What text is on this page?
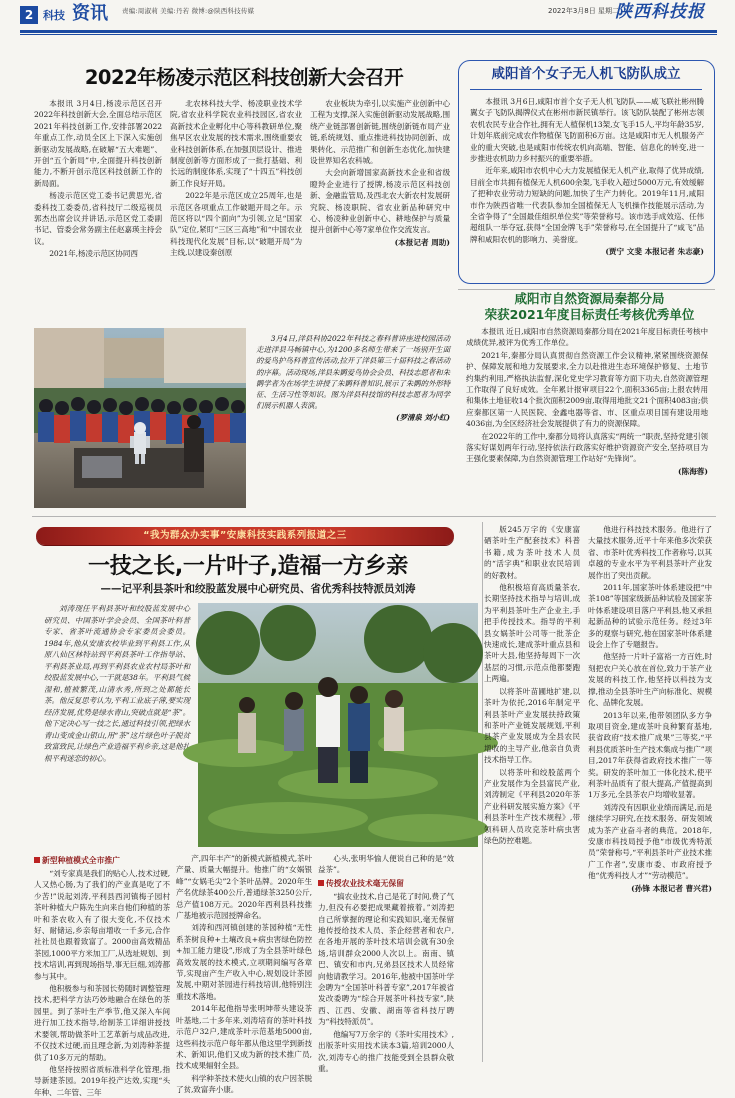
2 科技 资讯 责编:周淑莉 美编:丹若 微博:@陕西科技传媒	2022年3月8日 星期二
陕西科技报
2022年杨凌示范区科技创新大会召开

本报讯 3月4日,杨凌示范区召开2022年科技创新大会,全面总结示范区2021年科技创新工作,安排部署2022年重点工作,动员全区上下深入实施创新驱动发展战略,在破解“五大难题”、开创“五个新局”中,全面提升科技创新能力,不断开创示范区科技创新工作的新局面。

杨凌示范区党工委书记黄思光,省委科技工委委员,省科技厅二级巡视员郭杰出席会议并讲话,示范区党工委副书记、管委会常务副主任赵嘉瑛主持会议。

2021年,杨凌示范区协同西

北农林科技大学、杨凌职业技术学院,省农业科学院农业科技园区,省农业高新技术企业孵化中心等科教研单位,聚焦早区农业发展的技术需求,围绕重要农业科技创新体系,在加强顶层设计、推进制度创新等方面形成了一批打基础、利长远的制度体系,实现了“十四五”科技创新工作良好开局。

2022年是示范区成立25周年,也是示范区各项重点工作破题开局之年。示范区将以“四个面向”为引领,立足“国家队”定位,紧盯“三区三高地”和“中国农业科技现代化发展”目标,以“破题开局”为主线,以建设秦创原

农业板块为牵引,以实施产业创新中心工程为支撑,深入实施创新驱动发展战略,围绕产业链部署创新链,围绕创新链布局产业链,系统规划、重点推进科技协同创新、成果转化、示范推广和创新生态优化,加快建设世界知名农科城。

大会向新增国家高新技术企业和省级瞪羚企业进行了授牌,杨凌示范区科技创新、金融监管局,及西北农大新农村发展研究院、杨凌职院、省农业新品种研究中心、杨凌种业创新中心、耕地保护与质量提升创新中心等7家单位作交流发言。

(本报记者 周助)

咸阳首个女子无人机飞防队成立

本报讯 3月6日,咸阳市首个女子无人机飞防队——咸飞联社彬州腾翼女子飞防队揭牌仪式在彬州市新民镇举行。该飞防队装配了彬州志领农机农民专业合作社,拥有无人植保机13架,女飞手15人,平均年龄35岁,计划年底前完成农作物植保飞防面积6万亩。这是咸阳市无人机服务产业的重大突破,也是咸阳市传统农机向高端、智能、信息化的转变,进一步推进农机助力乡村振兴的重要举措。

近年来,咸阳市农机中心大力发展植保无人机产业,取得了优异成绩,目前全市共拥有植保无人机600余架,飞手收入超过5000万元,有效缓解了把种农业劳动力短缺的问题,加快了生产力转化。2019年11月,咸阳市作为陕西省唯一代表队参加全国植保无人飞机操作技能展示活动,为全省争得了“全国最佳组织单位奖”等荣誉称号。该市选手成效巡、任伟超组队一举夺冠,获得“全国金牌飞手”荣誉称号,在全国提升了“咸飞”品牌和咸阳农机的影响力、美誉度。

(贾宁 文斐 本报记者 朱志豪)

咸阳市自然资源局秦都分局
荣获2021年度目标责任考核优秀单位

本报讯 近日,咸阳市自然资源局秦都分局在2021年度目标责任考核中成绩优异,被评为优秀工作单位。

2021年,秦都分局认真贯彻自然资源工作会议精神,紧紧围绕资源保护、保障发展和地力发展要求,全力以赴推进生态环境保护修复、土地节约集约利用,严格执法监督,深化党史学习教育等方面下功夫,自然资源管理工作取得了良好成效。全年累计报审项目22个,面积3365亩;上报农转用和集体土地征收14个批次面积2009亩,取得用地批文21个面积4083亩;供应秦都区第一人民医院、金鑫电器等省、市、区重点项目国有建设用地4036亩,为全区经济社会发展提供了有力的资源保障。

在2022年的工作中,秦都分局将认真落实“两统一”职责,坚持党建引领落实好谋划两年行动,坚持依法行政落实好维护资源资产安全,坚持项目为王强化要素保障,为自然资源管理工作站好“先锋岗”。

(陈海蓉)

3月4日,洋县科协2022年科技之春科普讲座进校园活动走进洋县马畅镇中心,为1200多名师生带来了一场别开生面的爱鸟护鸟科普宣传活动,拉开了洋县第三十届科技之春活动的序幕。活动现场,洋县朱鹮爱鸟协会会员、科技志愿者和朱鹮学者为在场学生讲授了朱鹮科普知识,展示了朱鹮的外形特征、生活习性等知识。图为洋县科技馆的科技志愿者为同学们展示机器人表演。

(罗清泉 刘小红)

“我为群众办实事”安康科技实践系列报道之三
一技之长,一片叶子,造福一方乡亲
——记平利县茶叶和绞股蓝发展中心研究员、省优秀科技特派员刘涛

刘涛现任平利县茶叶和绞股蓝发展中心研究员、中国茶叶学会会员、全国茶叶科普专家、省茶叶流通协会专家委员会委员。1984年,他从安康农校毕业到平利县工作,从原八仙区林特站到平利县茶叶工作指导站、平利县茶业局,再到平利县农业农村局茶叶和绞股蓝发展中心,一干就是38年。平利县气候湿和,植被繁茂,山清水秀,所到之处都能长茶。他反复思考认为,平利工业底子薄,要实现经济发展,优势是绿水青山,突破点就是“茶”。他下定决心写一技之长,通过科技引领,把绿水青山变成金山银山,用“茶”这片绿色叶子脱贫致富致民,让绿色产业造福平利乡亲,这是他扎根平利迷恋的初心。

新型种植模式全市推广

“刘专家真是我们的贴心人,技术过硬,人又热心肠,为了我们的产业真是吃了不少苦!”说起刘涛,平利县西河镇梅子园村茶叶种植大户陈先生向来自他们种植的茶叶和茶农收入有了很大变化,不仅技术好、耐储运,乡亲每亩增收一千多元,合作社社员也跟着致富了。2000亩高效精品茶园,1000平方米加工厂,从选址规划、到技术培训,再到现场指导,事无巨细,刘涛都参与其中。

他积极参与和茶园长势随时调整管理技术,把科学方法巧妙地融合在绿色的茶园里。到了茶叶生产季节,他又深入车间进行加工技术指导,给制茶工详细讲授技术要领,帮助做茶叶工艺革新与成品改进,不仅技术过硬,而且理念新,为刘涛种茶提供了10多万元的帮助。

他坚持按照省质标准科学化管理,指导新建茶园。2019年投产达效,实现“头年种、二年管、三年

产,四年丰产”的新模式新植模式,茶叶产量、质量大幅提升。他推广的“女娲银峰”“女娲毛尖”2个茶叶品牌。2020年生产名优绿茶400公斤,普通绿茶3250公斤,总产值108万元。2020年西利县科技推广基地被示范园授牌命名。

刘涛和西河镇创建的茶园种植“无性系茶树良种+土壤改良+病虫害绿色防控+加工能力建设”,形成了为全县茶叶绿色高效发展的技术模式,立项期间编写各章节,实现亩产生产收入中心,规划设计茶园发展,中期对茶园进行科技培训,他特别注重技术落地。

2014年起他指导张明坤带头建设茶叶基地,二十多年来,刘涛培育的茶叶科技示范户32户,建成茶叶示范基地5000亩,这些科技示范户每年都从他这里学到新技术、新知识,他们又成为新的技术推广员,技术成果辐射全县。

科学种茶技术使火山镇的农户因茶脱了贫,致富奔小康。

心头,张明华愉人便说自己种的是“效益茶”。

传授农业技术毫无保留

“搞农业技术,自己是花了时间,费了气力,但没有必要把成果藏着掖着。”刘涛把自己所掌握的理论和实践知识,毫无保留地传授给技术人员、茶企经营者和农户,在各地开展的茶叶技术培训会就有30余场,培训群众2000人次以上。南南、镇巴、镇安和市内,兄弟县区技术人员经常向他请教学习。2016年,他被中国茶叶学会聘为“全国茶叶科普专家”,2017年被省发改委聘为“综合开展茶叶科技专家”,陕西、江西、安徽、湖南等省科技厅聘为“科技特派员”。

他编写7万余字的《茶叶实用技术》,出版茶叶实用技术读本3篇,培训2000人次,刘涛专心的推广技能受到全县群众敬重。

版245万字的《安康富硒茶叶生产配套技术》科普书籍,成为茶叶技术人员的“活字典”和职业农民培训的好教材。

他积极培育高质量茶农,长期坚持技术指导与培训,成为平利县茶叶生产企业主,手把手传授技术。指导的平利县女娲茶叶公司等一批茶企快速成长,建成茶叶重点县和茶叶大县,他坚持每周下一次基层的习惯,示范点他都要跑上两遍。

以将茶叶苗圃地扩建,以茶叶为依托,2016年制定平利县茶叶产业发展扶持政策和茶叶产业链发展规划,平利县茶产业发展成为全县农民增收的主导产业,他亲自负责技术指导工作。

以将茶叶和绞股蓝两个产业发展作为全县富民产业,刘涛制定《平利县2020年茶产业科研发展实施方案》《平利县茶叶生产技术规程》,带领科研人员攻克茶叶病虫害绿色防控难题。

他进行科技技术服务。他进行了大量技术服务,近平十年来他多次荣获省、市茶叶优秀科技工作者称号,以其卓越的专业水平为平利县茶叶产业发展作出了突出贡献。

2011年,国家茶叶体系建设把“中茶108”等国家级新品种试验及国家茶叶体系建设项目落户平利县,他又承担起新品种的试验示范任务。经过3年多的观察与研究,他在国家茶叶体系建设会上作了专题报告。

他坚持一片叶子富裕一方百姓,时刻把农户关心放在首位,致力于茶产业发展的科技工作,他坚持以科技为支撑,推动全县茶叶生产向标准化、规模化、品牌化发展。

2013年以来,他带领团队多方争取项目资金,建成茶叶良种繁育基地,获省政府“技术推广成果”三等奖,“平利县优质茶叶生产技术集成与推广”项目,2017年获得省政府技术推广一等奖。研发的茶叶加工一体化技术,使平利茶叶品质有了很大提高,产值提高到1万多元,全县茶农户均增收显著。

刘涛没有因职业业绩而满足,而是继续学习研究,在技术服务、研发领域成为茶产业奋斗者的典范。2018年,安康市科技局授予他“市级优秀特派员”荣誉称号,“平利县茶叶产业技术推广工作者”,安康市委、市政府授予他“优秀科技人才”“劳动模范”。

(孙锋 本报记者 曹兴君)
